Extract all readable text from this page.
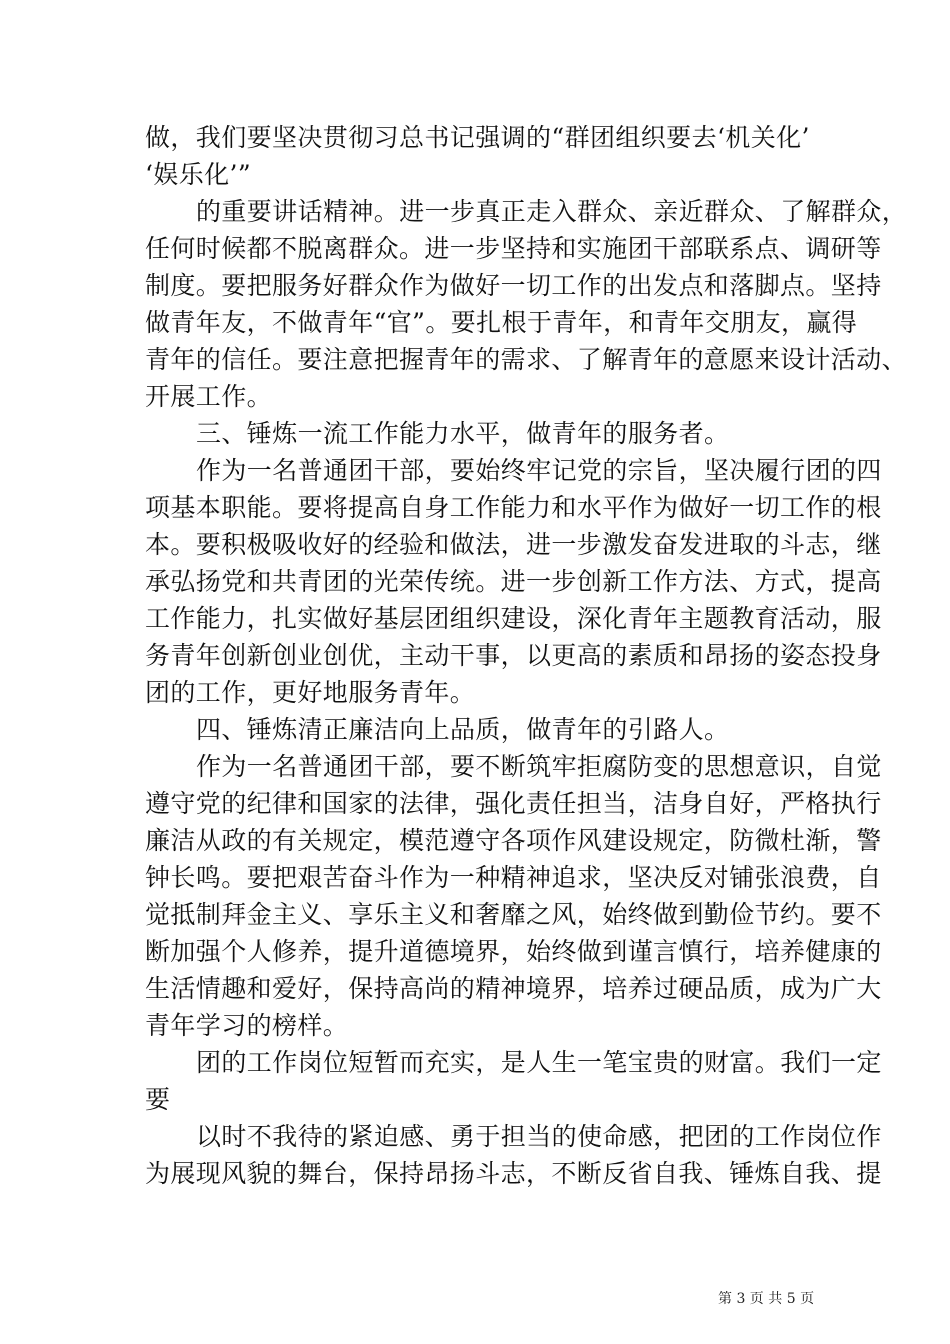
做，我们要坚决贯彻习总书记强调的“群团组织要去‘机关化’
‘娱乐化’”
的重要讲话精神。进一步真正走入群众、亲近群众、了解群众，
任何时候都不脱离群众。进一步坚持和实施团干部联系点、调研等
制度。要把服务好群众作为做好一切工作的出发点和落脚点。坚持
做青年友，不做青年“官”。要扎根于青年，和青年交朋友，赢得
青年的信任。要注意把握青年的需求、了解青年的意愿来设计活动、
开展工作。
三、锤炼一流工作能力水平，做青年的服务者。
作为一名普通团干部，要始终牢记党的宗旨，坚决履行团的四
项基本职能。要将提高自身工作能力和水平作为做好一切工作的根
本。要积极吸收好的经验和做法，进一步激发奋发进取的斗志，继
承弘扬党和共青团的光荣传统。进一步创新工作方法、方式，提高
工作能力，扎实做好基层团组织建设，深化青年主题教育活动，服
务青年创新创业创优，主动干事，以更高的素质和昂扬的姿态投身
团的工作，更好地服务青年。
四、锤炼清正廉洁向上品质，做青年的引路人。
作为一名普通团干部，要不断筑牢拒腐防变的思想意识，自觉
遵守党的纪律和国家的法律，强化责任担当，洁身自好，严格执行
廉洁从政的有关规定，模范遵守各项作风建设规定，防微杜渐，警
钟长鸣。要把艰苦奋斗作为一种精神追求，坚决反对铺张浪费，自
觉抵制拜金主义、享乐主义和奢靡之风，始终做到勤俭节约。要不
断加强个人修养，提升道德境界，始终做到谨言慎行，培养健康的
生活情趣和爱好，保持高尚的精神境界，培养过硬品质，成为广大
青年学习的榜样。
团的工作岗位短暂而充实，是人生一笔宝贵的财富。我们一定
要
以时不我待的紧迫感、勇于担当的使命感，把团的工作岗位作
为展现风貌的舞台，保持昂扬斗志，不断反省自我、锤炼自我、提
第 3 页 共 5 页
